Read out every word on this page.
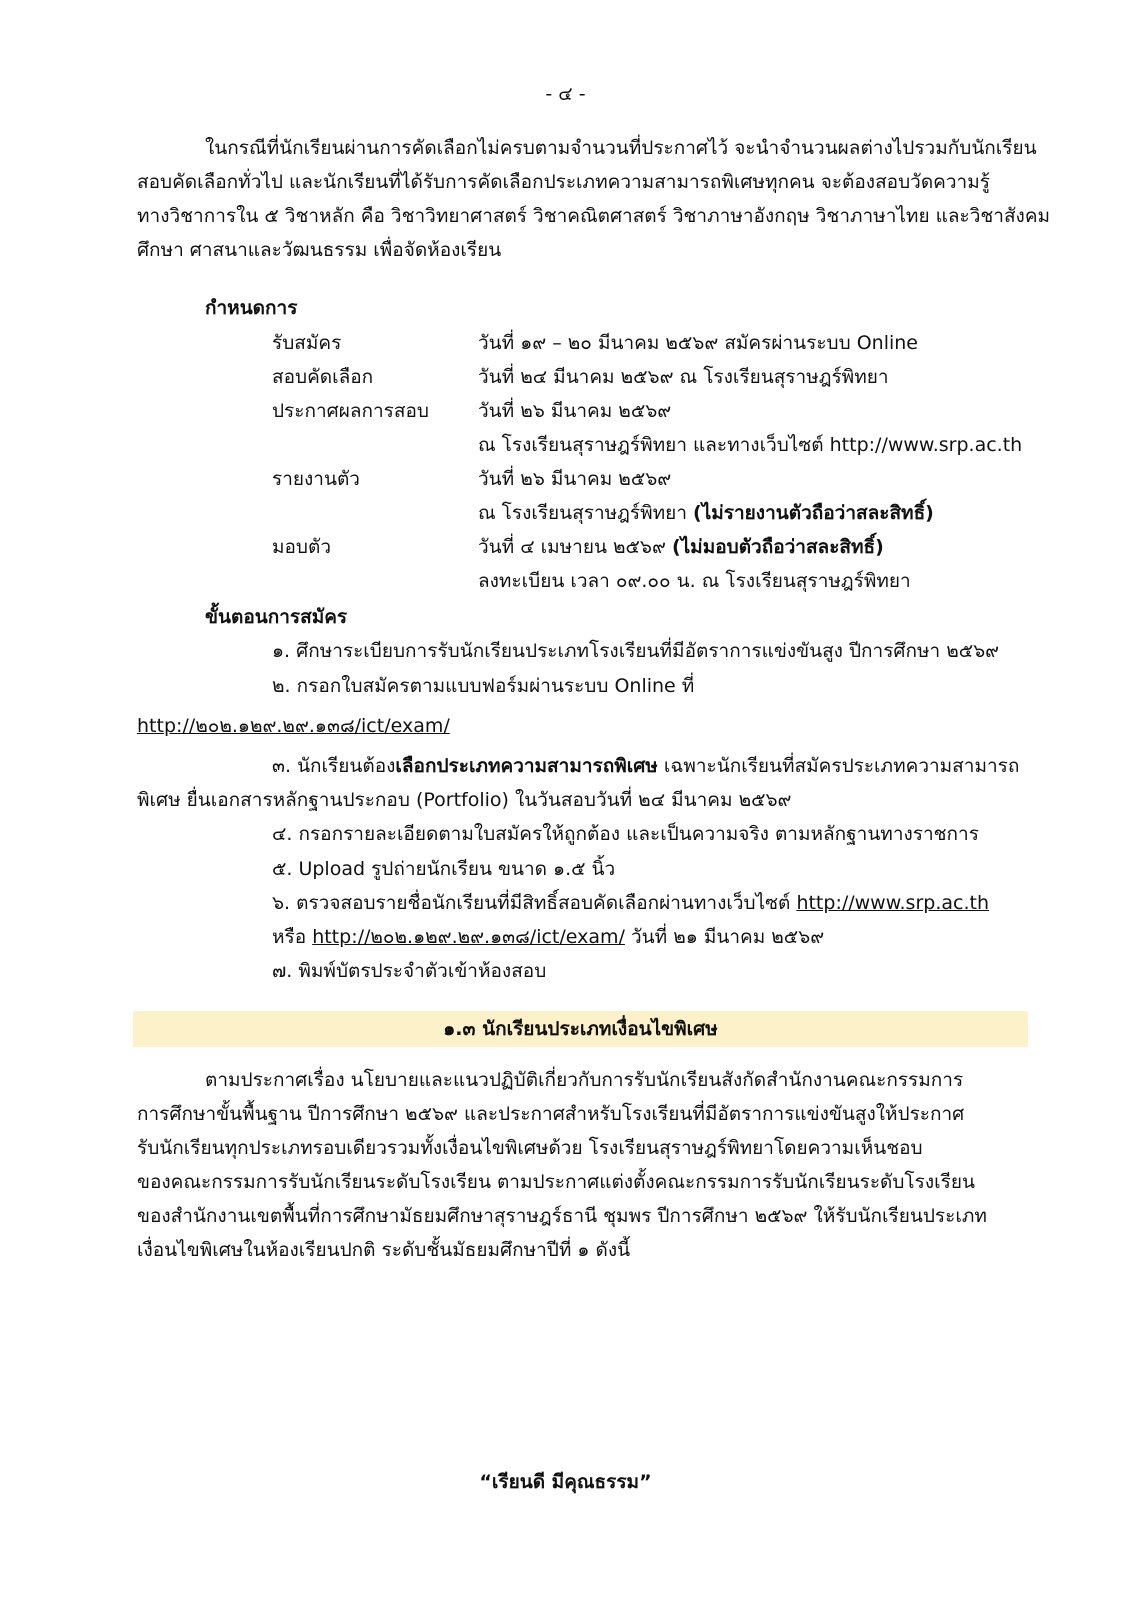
- ๔ -
ในกรณีที่นักเรียนผ่านการคัดเลือกไม่ครบตามจำนวนที่ประกาศไว้ จะนำจำนวนผลต่างไปรวมกับนักเรียน
สอบคัดเลือกทั่วไป และนักเรียนที่ได้รับการคัดเลือกประเภทความสามารถพิเศษทุกคน จะต้องสอบวัดความรู้
ทางวิชาการใน ๕ วิชาหลัก คือ วิชาวิทยาศาสตร์ วิชาคณิตศาสตร์ วิชาภาษาอังกฤษ วิชาภาษาไทย และวิชาสังคม
ศึกษา ศาสนาและวัฒนธรรม เพื่อจัดห้องเรียน
กำหนดการ
รับสมัคร	วันที่ ๑๙ – ๒๐ มีนาคม ๒๕๖๙ สมัครผ่านระบบ Online
สอบคัดเลือก	วันที่ ๒๔ มีนาคม ๒๕๖๙ ณ โรงเรียนสุราษฎร์พิทยา
ประกาศผลการสอบ	วันที่ ๒๖ มีนาคม ๒๕๖๙
ณ โรงเรียนสุราษฎร์พิทยา และทางเว็บไซต์ http://www.srp.ac.th
รายงานตัว	วันที่ ๒๖ มีนาคม ๒๕๖๙
ณ โรงเรียนสุราษฎร์พิทยา (ไม่รายงานตัวถือว่าสละสิทธิ์)
มอบตัว	วันที่ ๔ เมษายน ๒๕๖๙ (ไม่มอบตัวถือว่าสละสิทธิ์)
ลงทะเบียน เวลา ๐๙.๐๐ น. ณ โรงเรียนสุราษฎร์พิทยา
ขั้นตอนการสมัคร
๑. ศึกษาระเบียบการรับนักเรียนประเภทโรงเรียนที่มีอัตราการแข่งขันสูง ปีการศึกษา ๒๕๖๙
๒. กรอกใบสมัครตามแบบฟอร์มผ่านระบบ Online ที่
http://๒๐๒.๑๒๙.๒๙.๑๓๘/ict/exam/
๓. นักเรียนต้องเลือกประเภทความสามารถพิเศษ เฉพาะนักเรียนที่สมัครประเภทความสามารถ
พิเศษ ยื่นเอกสารหลักฐานประกอบ (Portfolio) ในวันสอบวันที่ ๒๔ มีนาคม ๒๕๖๙
๔. กรอกรายละเอียดตามใบสมัครให้ถูกต้อง และเป็นความจริง ตามหลักฐานทางราชการ
๕. Upload รูปถ่ายนักเรียน ขนาด ๑.๕ นิ้ว
๖. ตรวจสอบรายชื่อนักเรียนที่มีสิทธิ์สอบคัดเลือกผ่านทางเว็บไซต์ http://www.srp.ac.th
หรือ http://๒๐๒.๑๒๙.๒๙.๑๓๘/ict/exam/ วันที่ ๒๑ มีนาคม ๒๕๖๙
๗. พิมพ์บัตรประจำตัวเข้าห้องสอบ
๑.๓ นักเรียนประเภทเงื่อนไขพิเศษ
ตามประกาศเรื่อง นโยบายและแนวปฏิบัติเกี่ยวกับการรับนักเรียนสังกัดสำนักงานคณะกรรมการ
การศึกษาขั้นพื้นฐาน ปีการศึกษา ๒๕๖๙ และประกาศสำหรับโรงเรียนที่มีอัตราการแข่งขันสูงให้ประกาศ
รับนักเรียนทุกประเภทรอบเดียวรวมทั้งเงื่อนไขพิเศษด้วย โรงเรียนสุราษฎร์พิทยาโดยความเห็นชอบ
ของคณะกรรมการรับนักเรียนระดับโรงเรียน ตามประกาศแต่งตั้งคณะกรรมการรับนักเรียนระดับโรงเรียน
ของสำนักงานเขตพื้นที่การศึกษามัธยมศึกษาสุราษฎร์ธานี ชุมพร ปีการศึกษา ๒๕๖๙ ให้รับนักเรียนประเภท
เงื่อนไขพิเศษในห้องเรียนปกติ ระดับชั้นมัธยมศึกษาปีที่ ๑ ดังนี้
“เรียนดี มีคุณธรรม”
